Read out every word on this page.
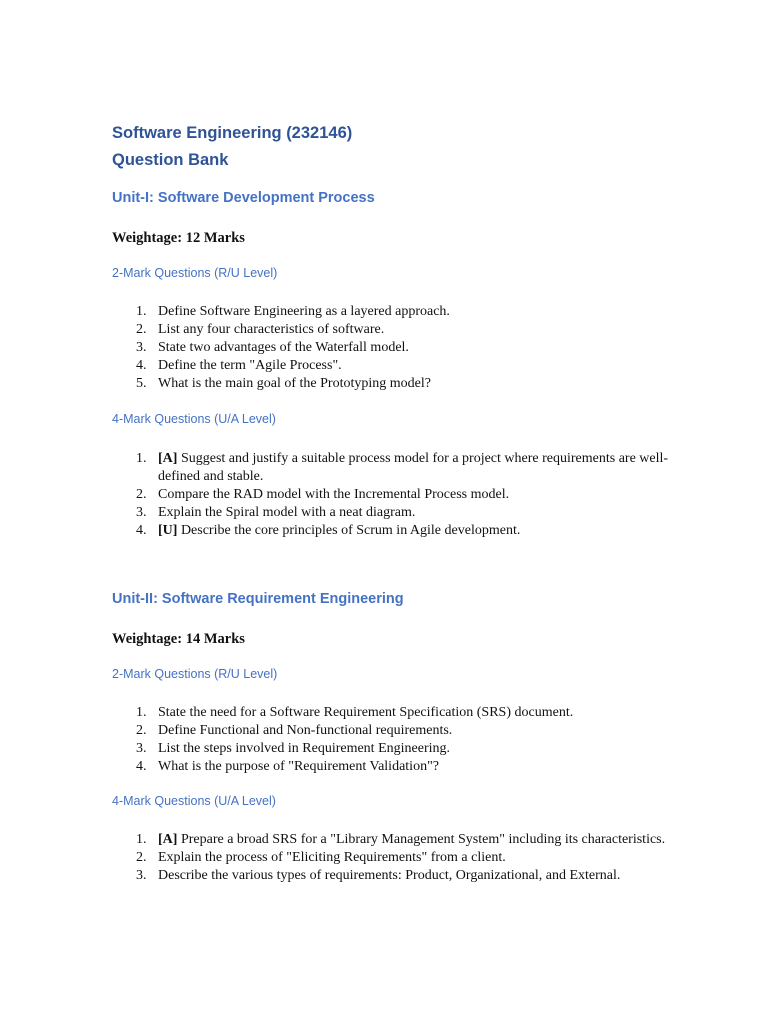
Software Engineering (232146)
Question Bank
Unit-I: Software Development Process
Weightage: 12 Marks
2-Mark Questions (R/U Level)
1. Define Software Engineering as a layered approach.
2. List any four characteristics of software.
3. State two advantages of the Waterfall model.
4. Define the term "Agile Process".
5. What is the main goal of the Prototyping model?
4-Mark Questions (U/A Level)
1. [A] Suggest and justify a suitable process model for a project where requirements are well-defined and stable.
2. Compare the RAD model with the Incremental Process model.
3. Explain the Spiral model with a neat diagram.
4. [U] Describe the core principles of Scrum in Agile development.
Unit-II: Software Requirement Engineering
Weightage: 14 Marks
2-Mark Questions (R/U Level)
1. State the need for a Software Requirement Specification (SRS) document.
2. Define Functional and Non-functional requirements.
3. List the steps involved in Requirement Engineering.
4. What is the purpose of "Requirement Validation"?
4-Mark Questions (U/A Level)
1. [A] Prepare a broad SRS for a "Library Management System" including its characteristics.
2. Explain the process of "Eliciting Requirements" from a client.
3. Describe the various types of requirements: Product, Organizational, and External.
